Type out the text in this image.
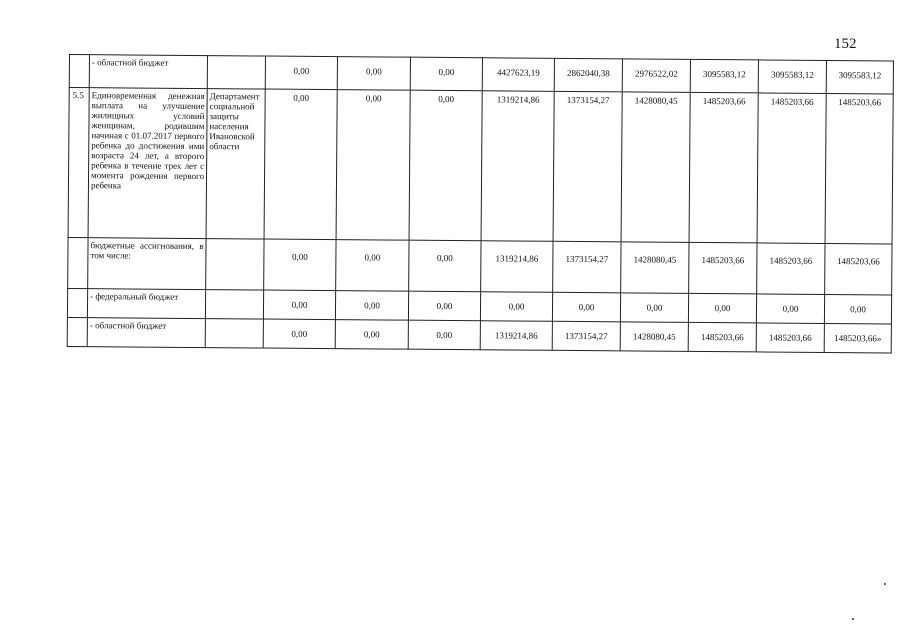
152
	- областной бюджет		0,00	0,00	0,00	4427623,19	2862040,38	2976522,02	3095583,12	3095583,12	3095583,12
5.5	Единовременная денежная выплата на улучшение жилищных условий женщинам, родившим начиная с 01.07.2017 первого ребенка до достижения ими возраста 24 лет, а второго ребенка в течение трех лет с момента рождения первого ребенка	Департамент социальной защиты населения Ивановской области	0,00	0,00	0,00	1319214,86	1373154,27	1428080,45	1485203,66	1485203,66	1485203,66
	бюджетные ассигнования, в том числе:		0,00	0,00	0,00	1319214,86	1373154,27	1428080,45	1485203,66	1485203,66	1485203,66
	- федеральный бюджет		0,00	0,00	0,00	0,00	0,00	0,00	0,00	0,00	0,00
	- областной бюджет		0,00	0,00	0,00	1319214,86	1373154,27	1428080,45	1485203,66	1485203,66	1485203,66»
